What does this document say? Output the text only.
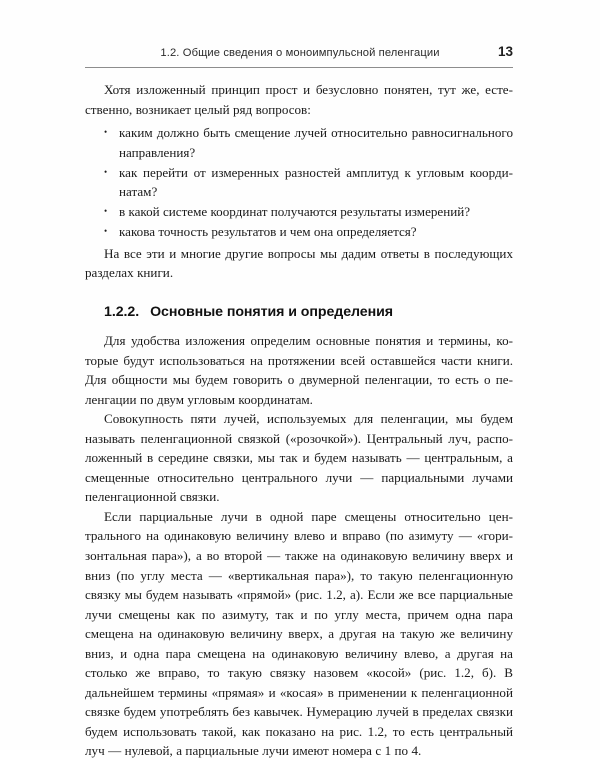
1.2. Общие сведения о моноимпульсной пеленгации	13

Хотя изложенный принцип прост и безусловно понятен, тут же, естественно, возникает целый ряд вопросов:

• каким должно быть смещение лучей относительно равносигнального направления?
• как перейти от измеренных разностей амплитуд к угловым координатам?
• в какой системе координат получаются результаты измерений?
• какова точность результатов и чем она определяется?

На все эти и многие другие вопросы мы дадим ответы в последующих разделах книги.

1.2.2. Основные понятия и определения

Для удобства изложения определим основные понятия и термины, которые будут использоваться на протяжении всей оставшейся части книги. Для общности мы будем говорить о двумерной пеленгации, то есть о пеленгации по двум угловым координатам.

Совокупность пяти лучей, используемых для пеленгации, мы будем называть пеленгационной связкой («розочкой»). Центральный луч, расположенный в середине связки, мы так и будем называть — центральным, а смещенные относительно центрального лучи — парциальными лучами пеленгационной связки.

Если парциальные лучи в одной паре смещены относительно центрального на одинаковую величину влево и вправо (по азимуту — «горизонтальная пара»), а во второй — также на одинаковую величину вверх и вниз (по углу места — «вертикальная пара»), то такую пеленгационную связку мы будем называть «прямой» (рис. 1.2, а). Если же все парциальные лучи смещены как по азимуту, так и по углу места, причем одна пара смещена на одинаковую величину вверх, а другая на такую же величину вниз, и одна пара смещена на одинаковую величину влево, а другая на столько же вправо, то такую связку назовем «косой» (рис. 1.2, б). В дальнейшем термины «прямая» и «косая» в применении к пеленгационной связке будем употреблять без кавычек. Нумерацию лучей в пределах связки будем использовать такой, как показано на рис. 1.2, то есть центральный луч — нулевой, а парциальные лучи имеют номера с 1 по 4.
